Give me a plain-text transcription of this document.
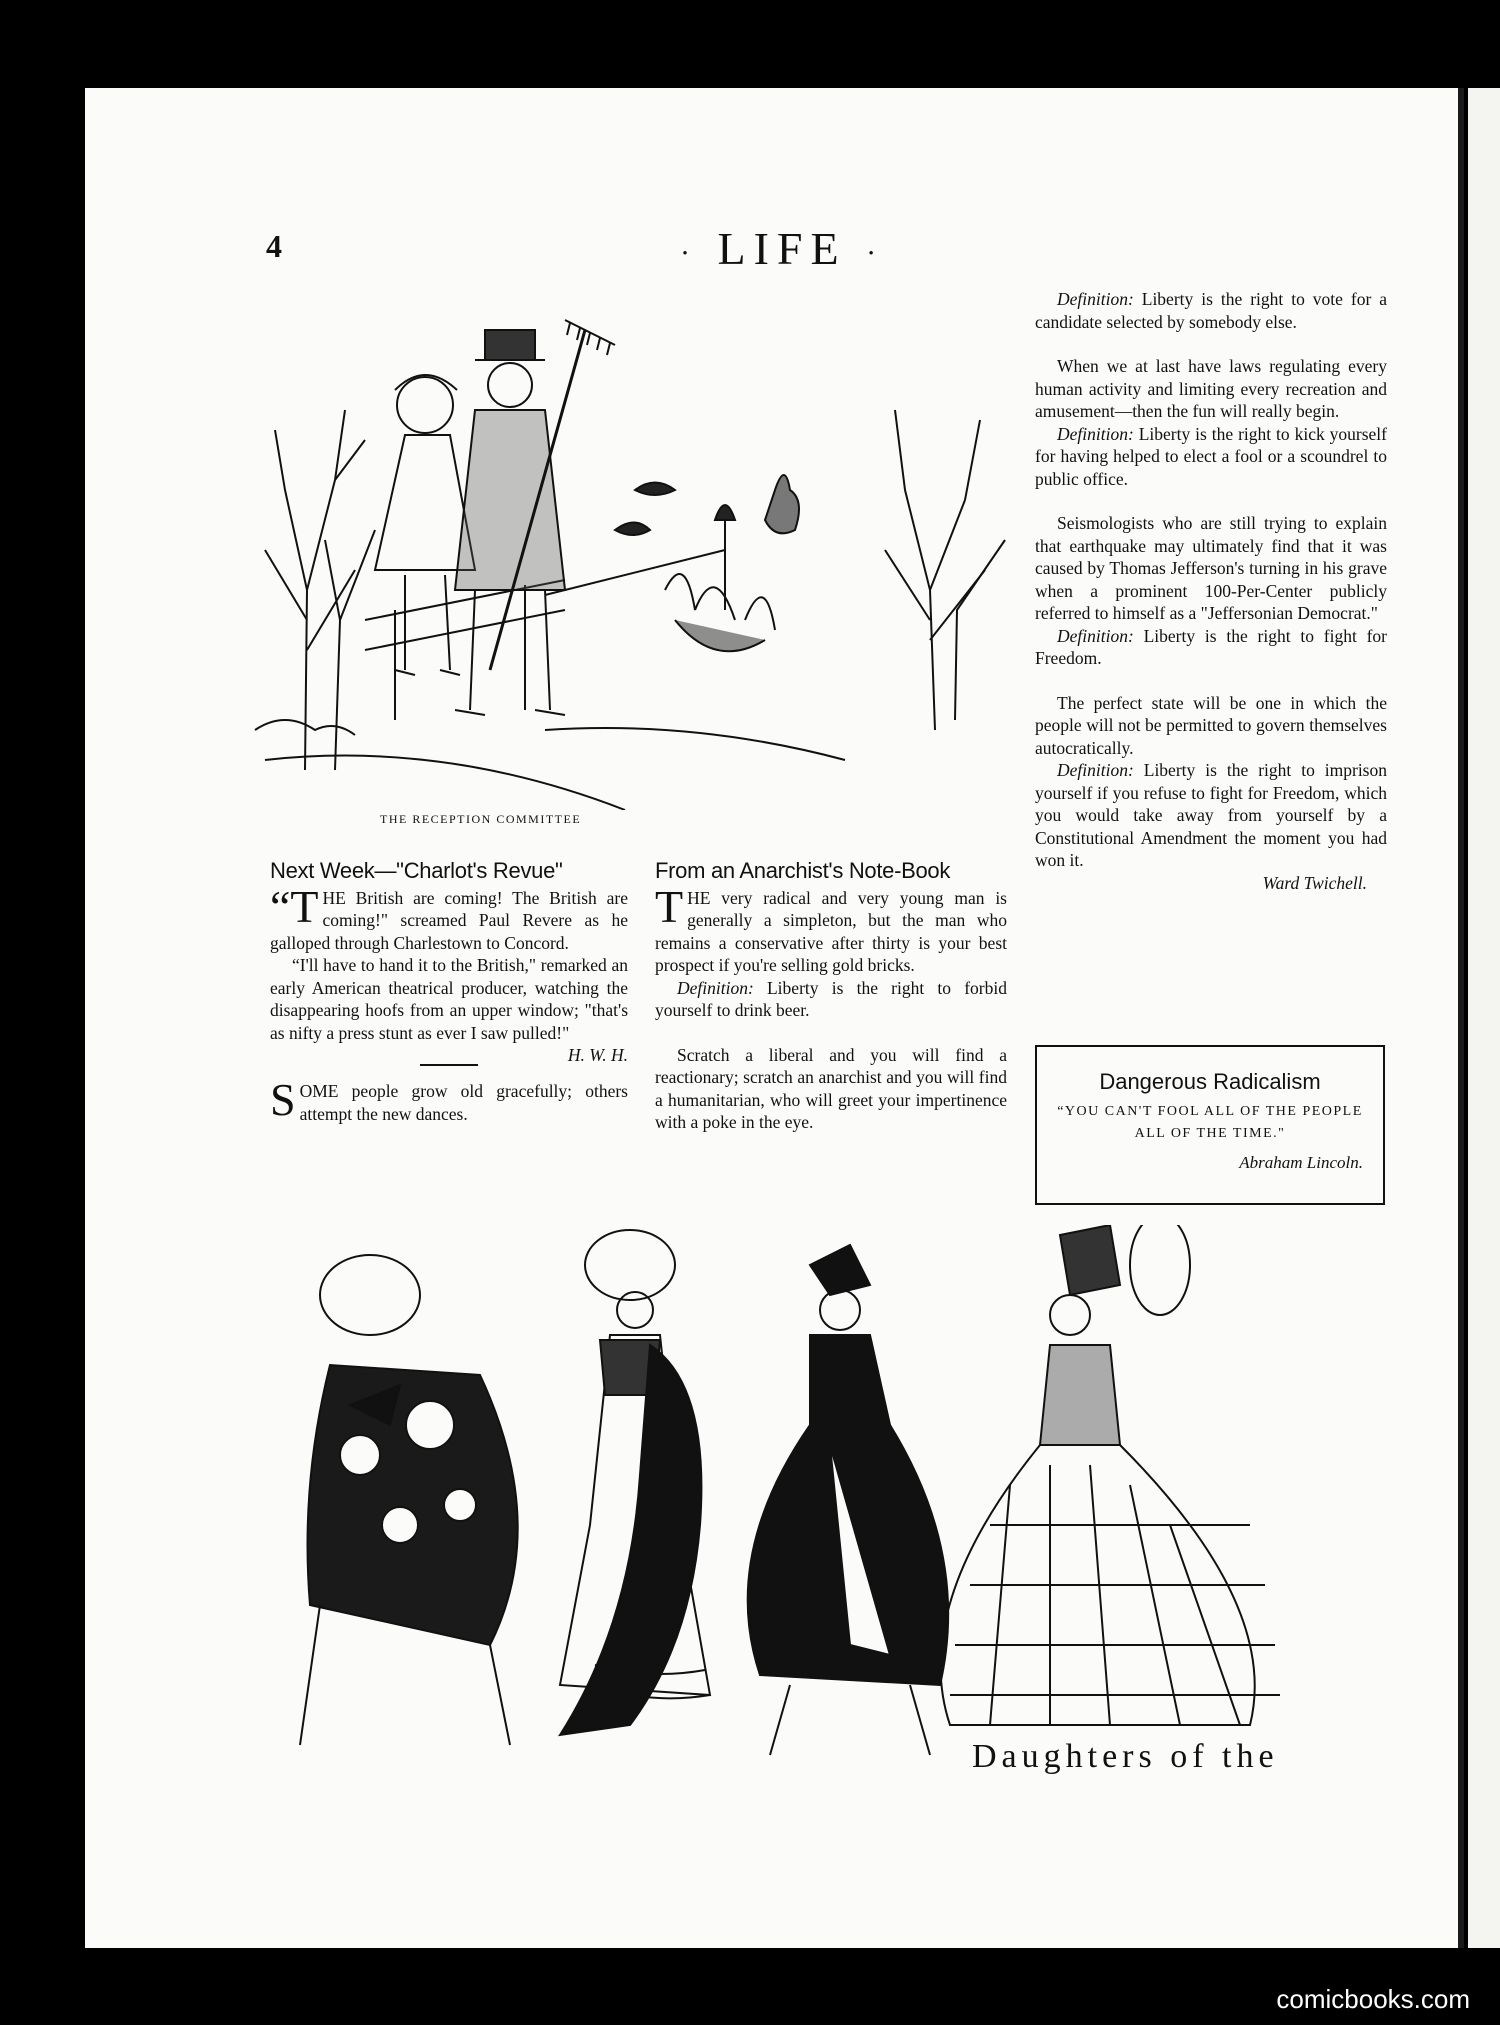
4	· LIFE ·
THE RECEPTION COMMITTEE
Next Week—"Charlot's Revue"

“THE British are coming! The British are coming!" screamed Paul Revere as he galloped through Charlestown to Concord.

“I'll have to hand it to the British," remarked an early American theatrical producer, watching the disappearing hoofs from an upper window; "that's as nifty a press stunt as ever I saw pulled!"
H. W. H.

SOME people grow old gracefully; others attempt the new dances.

From an Anarchist's Note-Book

THE very radical and very young man is generally a simpleton, but the man who remains a conservative after thirty is your best prospect if you're selling gold bricks.

Definition: Liberty is the right to forbid yourself to drink beer.

Scratch a liberal and you will find a reactionary; scratch an anarchist and you will find a humanitarian, who will greet your impertinence with a poke in the eye.

Definition: Liberty is the right to vote for a candidate selected by somebody else.

When we at last have laws regulating every human activity and limiting every recreation and amusement—then the fun will really begin.

Definition: Liberty is the right to kick yourself for having helped to elect a fool or a scoundrel to public office.

Seismologists who are still trying to explain that earthquake may ultimately find that it was caused by Thomas Jefferson's turning in his grave when a prominent 100-Per-Center publicly referred to himself as a "Jeffersonian Democrat."

Definition: Liberty is the right to fight for Freedom.

The perfect state will be one in which the people will not be permitted to govern themselves autocratically.

Definition: Liberty is the right to imprison yourself if you refuse to fight for Freedom, which you would take away from yourself by a Constitutional Amendment the moment you had won it.

Ward Twichell.

Dangerous Radicalism
“YOU CAN'T FOOL ALL OF THE PEOPLE ALL OF THE TIME."
Abraham Lincoln.
Daughters of the
comicbooks.com
